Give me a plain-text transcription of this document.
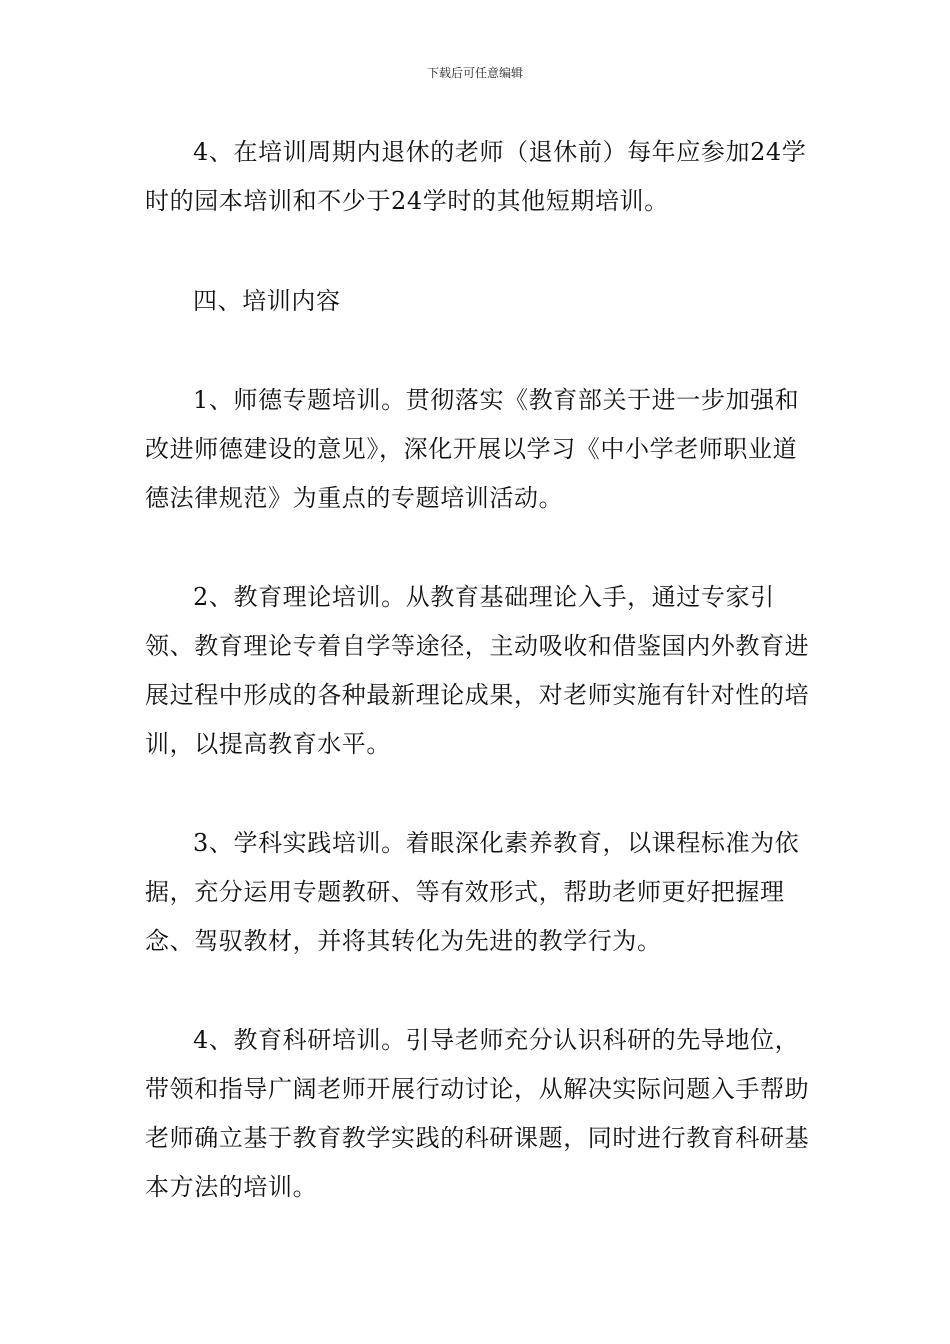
下载后可任意编辑

4、在培训周期内退休的老师（退休前）每年应参加24学时的园本培训和不少于24学时的其他短期培训。

四、培训内容

1、师德专题培训。贯彻落实《教育部关于进一步加强和改进师德建设的意见》，深化开展以学习《中小学老师职业道德法律规范》为重点的专题培训活动。

2、教育理论培训。从教育基础理论入手，通过专家引领、教育理论专着自学等途径，主动吸收和借鉴国内外教育进展过程中形成的各种最新理论成果，对老师实施有针对性的培训，以提高教育水平。

3、学科实践培训。着眼深化素养教育，以课程标准为依据，充分运用专题教研、等有效形式，帮助老师更好把握理念、驾驭教材，并将其转化为先进的教学行为。

4、教育科研培训。引导老师充分认识科研的先导地位，带领和指导广阔老师开展行动讨论，从解决实际问题入手帮助老师确立基于教育教学实践的科研课题，同时进行教育科研基本方法的培训。
